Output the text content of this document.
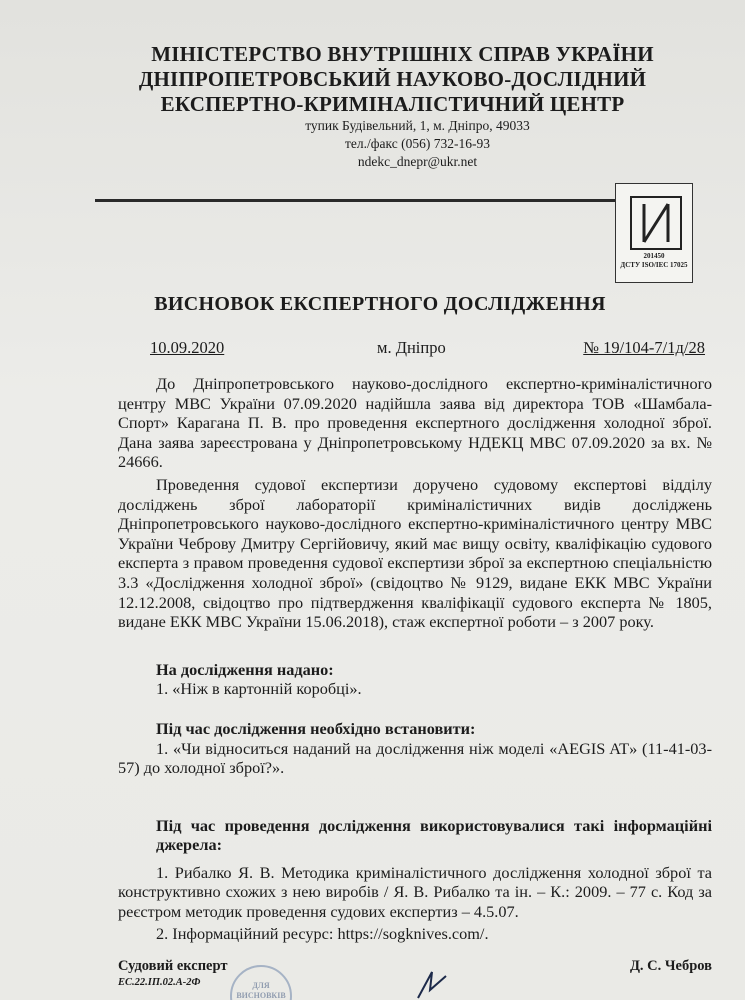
МІНІСТЕРСТВО ВНУТРІШНІХ СПРАВ УКРАЇНИ
ДНІПРОПЕТРОВСЬКИЙ НАУКОВО-ДОСЛІДНИЙ
ЕКСПЕРТНО-КРИМІНАЛІСТИЧНИЙ ЦЕНТР
тупик Будівельний, 1, м. Дніпро, 49033
тел./факс (056) 732-16-93
ndekc_dnepr@ukr.net
201450
ДСТУ ISO/IEC 17025
ВИСНОВОК ЕКСПЕРТНОГО ДОСЛІДЖЕННЯ
10.09.2020	м. Дніпро	№ 19/104-7/1д/28

До Дніпропетровського науково-дослідного експертно-криміналістичного центру МВС України 07.09.2020 надійшла заява від директора ТОВ «Шамбала-Спорт» Карагана П. В. про проведення експертного дослідження холодної зброї. Дана заява зареєстрована у Дніпропетровському НДЕКЦ МВС 07.09.2020 за вх. № 24666.

Проведення судової експертизи доручено судовому експертові відділу досліджень зброї лабораторії криміналістичних видів досліджень Дніпропетровського науково-дослідного експертно-криміналістичного центру МВС України Чеброву Дмитру Сергійовичу, який має вищу освіту, кваліфікацію судового експерта з правом проведення судової експертизи зброї за експертною спеціальністю 3.3 «Дослідження холодної зброї» (свідоцтво № 9129, видане ЕКК МВС України 12.12.2008, свідоцтво про підтвердження кваліфікації судового експерта № 1805, видане ЕКК МВС України 15.06.2018), стаж експертної роботи – з 2007 року.

На дослідження надано:

1. «Ніж в картонній коробці».

Під час дослідження необхідно встановити:

1. «Чи відноситься наданий на дослідження ніж моделі «AEGIS AT» (11-41-03-57) до холодної зброї?».

Під час проведення дослідження використовувалися такі інформаційні джерела:

1. Рибалко Я. В. Методика криміналістичного дослідження холодної зброї та конструктивно схожих з нею виробів / Я. В. Рибалко та ін. – К.: 2009. – 77 с. Код за реєстром методик проведення судових експертиз – 4.5.07.

2. Інформаційний ресурс: https://sogknives.com/.

Судовий експерт
ЕС.22.ІП.02.А-2Ф
Д. С. Чебров
ДЛЯ ВИСНОВКІВ
